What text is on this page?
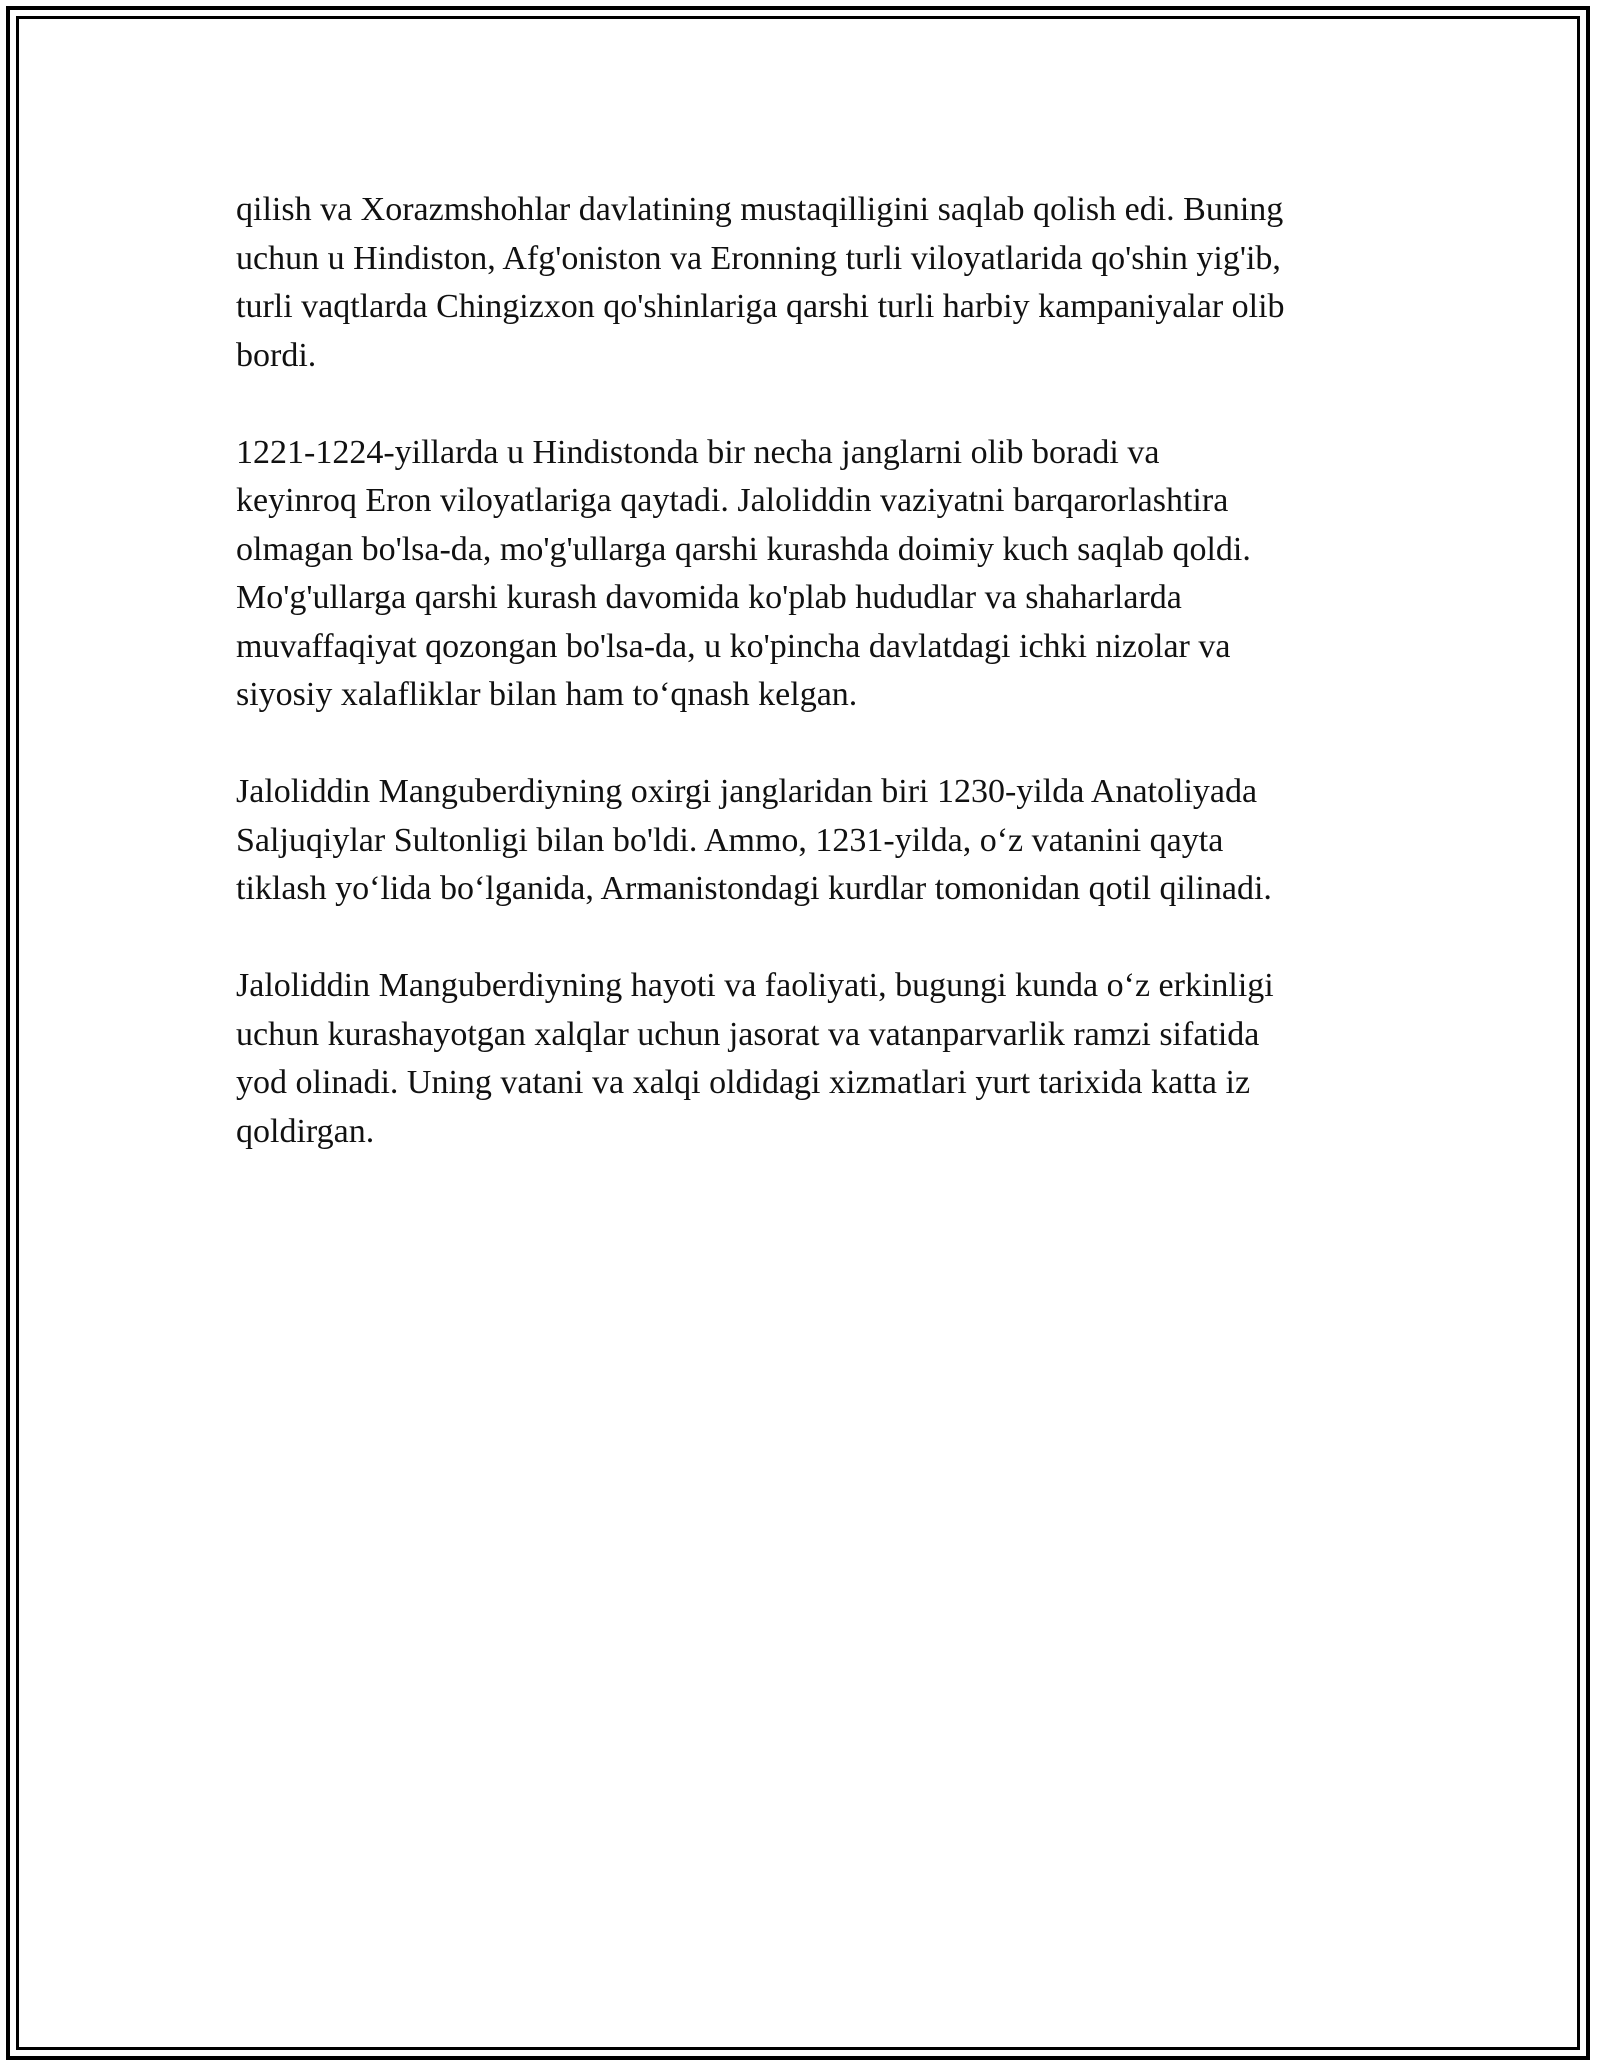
qilish va Xorazmshohlar davlatining mustaqilligini saqlab qolish edi. Buning
uchun u Hindiston, Afg'oniston va Eronning turli viloyatlarida qo'shin yig'ib,
turli vaqtlarda Chingizxon qo'shinlariga qarshi turli harbiy kampaniyalar olib
bordi.

1221-1224-yillarda u Hindistonda bir necha janglarni olib boradi va
keyinroq Eron viloyatlariga qaytadi. Jaloliddin vaziyatni barqarorlashtira
olmagan bo'lsa-da, mo'g'ullarga qarshi kurashda doimiy kuch saqlab qoldi.
Mo'g'ullarga qarshi kurash davomida ko'plab hududlar va shaharlarda
muvaffaqiyat qozongan bo'lsa-da, u ko'pincha davlatdagi ichki nizolar va
siyosiy xalafliklar bilan ham to‘qnash kelgan.

Jaloliddin Manguberdiyning oxirgi janglaridan biri 1230-yilda Anatoliyada
Saljuqiylar Sultonligi bilan bo'ldi. Ammo, 1231-yilda, o‘z vatanini qayta
tiklash yo‘lida bo‘lganida, Armanistondagi kurdlar tomonidan qotil qilinadi.

Jaloliddin Manguberdiyning hayoti va faoliyati, bugungi kunda o‘z erkinligi
uchun kurashayotgan xalqlar uchun jasorat va vatanparvarlik ramzi sifatida
yod olinadi. Uning vatani va xalqi oldidagi xizmatlari yurt tarixida katta iz
qoldirgan.
